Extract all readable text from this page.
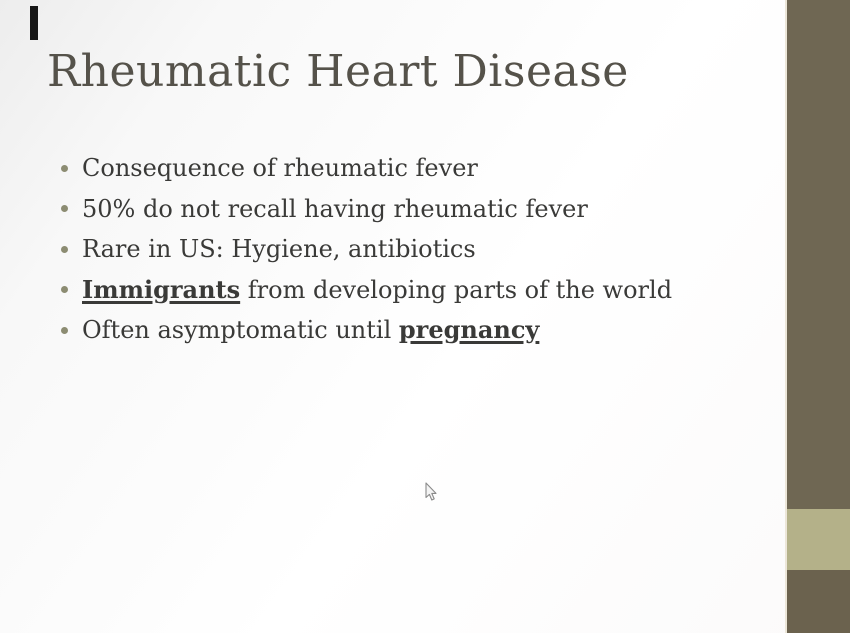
Rheumatic Heart Disease
Consequence of rheumatic fever
50% do not recall having rheumatic fever
Rare in US: Hygiene, antibiotics
Immigrants from developing parts of the world
Often asymptomatic until pregnancy
